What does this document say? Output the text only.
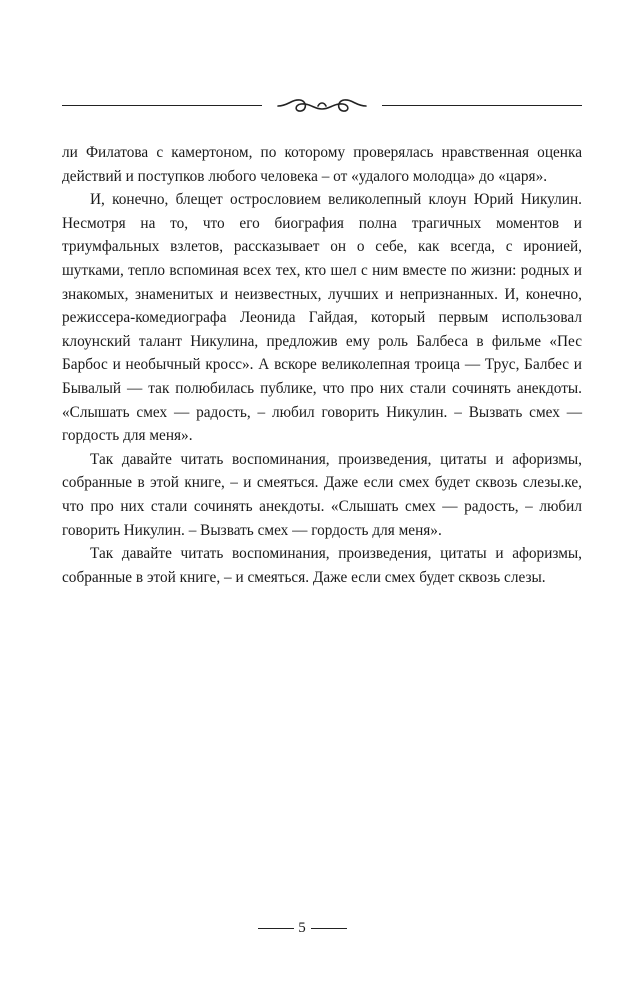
ли Филатова с камертоном, по которому проверялась нравственная оценка действий и поступков любого человека – от «удалого молодца» до «царя».

И, конечно, блещет остроcловием великолепный клоун Юрий Никулин. Несмотря на то, что его биография полна трагичных моментов и триумфальных взлетов, рассказывает он о себе, как всегда, с иронией, шутками, тепло вспоминая всех тех, кто шел с ним вместе по жизни: родных и знакомых, знаменитых и неизвестных, лучших и непризнанных. И, конечно, режиссера-комедиографа Леонида Гайдая, который первым использовал клоунский талант Никулина, предложив ему роль Балбеса в фильме «Пес Барбос и необычный кросс». А вскоре великолепная троица — Трус, Балбес и Бывалый — так полюбилась публике, что про них стали сочинять анекдоты. «Слышать смех — радость, – любил говорить Никулин. – Вызвать смех — гордость для меня».

Так давайте читать воспоминания, произведения, цитаты и афоризмы, собранные в этой книге, – и смеяться. Даже если смех будет сквозь слезы.ке, что про них стали сочинять анекдоты. «Слышать смех — радость, – любил говорить Никулин. – Вызвать смех — гордость для меня».

Так давайте читать воспоминания, произведения, цитаты и афоризмы, собранные в этой книге, – и смеяться. Даже если смех будет сквозь слезы.

5
